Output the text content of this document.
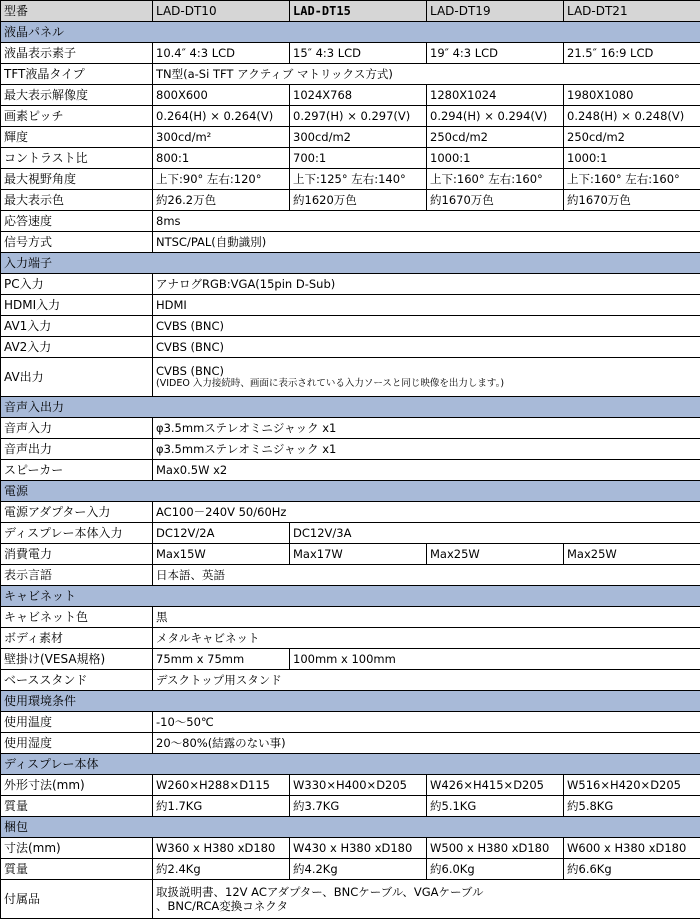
型番	LAD-DT10	LAD-DT15	LAD-DT19	LAD-DT21
液晶パネル				
液晶表示素子	10.4″ 4:3 LCD	15″ 4:3 LCD	19″ 4:3 LCD	21.5″ 16:9 LCD
TFT液晶タイプ	TN型(a-Si TFT アクティブ マトリックス方式)			
最大表示解像度	800X600	1024X768	1280X1024	1980X1080
画素ピッチ	0.264(H) × 0.264(V)	0.297(H) × 0.297(V)	0.294(H) × 0.294(V)	0.248(H) × 0.248(V)
輝度	300cd/m²	300cd/m2	250cd/m2	250cd/m2
コントラスト比	800:1	700:1	1000:1	1000:1
最大視野角度	上下:90° 左右:120°	上下:125° 左右:140°	上下:160° 左右:160°	上下:160° 左右:160°
最大表示色	約26.2万色	約1620万色	約1670万色	約1670万色
応答速度	8ms			
信号方式	NTSC/PAL(自動識別)			
入力端子				
PC入力	アナログRGB:VGA(15pin D-Sub)			
HDMI入力	HDMI			
AV1入力	CVBS (BNC)			
AV2入力	CVBS (BNC)			
AV出力	CVBS (BNC)
(VIDEO 入力接続時、画面に表示されている入力ソースと同じ映像を出力します。)			

音声入出力				
音声入力	φ3.5mmステレオミニジャック x1			
音声出力	φ3.5mmステレオミニジャック x1			
スピーカー	Max0.5W x2			
電源				
電源アダプター入力	AC100－240V 50/60Hz			
ディスプレー本体入力	DC12V/2A	DC12V/3A		
消費電力	Max15W	Max17W	Max25W	Max25W
表示言語	日本語、英語			
キャビネット				
キャビネット色	黒			
ボディ素材	メタルキャビネット			
壁掛け(VESA規格)	75mm x 75mm	100mm x 100mm		
ベーススタンド	デスクトップ用スタンド			
使用環境条件				
使用温度	-10～50℃			
使用湿度	20～80%(結露のない事)			
ディスプレー本体				
外形寸法(mm)	W260×H288×D115	W330×H400×D205	W426×H415×D205	W516×H420×D205
質量	約1.7KG	約3.7KG	約5.1KG	約5.8KG
梱包				
寸法(mm)	W360 x H380 xD180	W430 x H380 xD180	W500 x H380 xD180	W600 x H380 xD180
質量	約2.4Kg	約4.2Kg	約6.0Kg	約6.6Kg
付属品	取扱説明書、12V ACアダプター、BNCケーブル、VGAケーブル
、BNC/RCA変換コネクタ			
